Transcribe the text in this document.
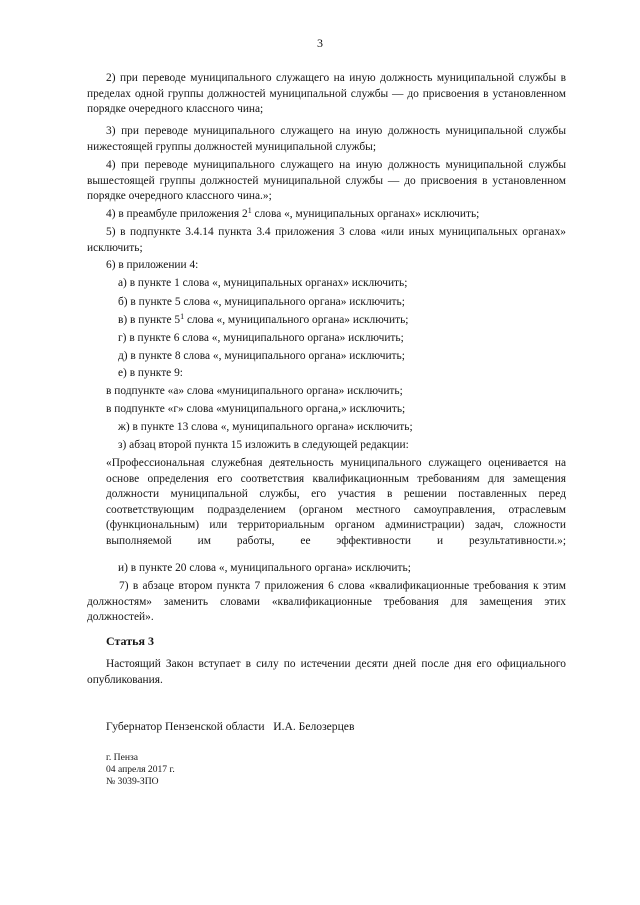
3
2) при переводе муниципального служащего на иную должность муниципальной службы в пределах одной группы должностей муниципальной службы — до присвоения в установленном порядке очередного классного чина;
3) при переводе муниципального служащего на иную должность муниципальной службы нижестоящей группы должностей муниципальной службы;
4) при переводе муниципального служащего на иную должность муниципальной службы вышестоящей группы должностей муниципальной службы — до присвоения в установленном порядке очередного классного чина.»;
4) в преамбуле приложения $2^1$ слова «, муниципальных органах» исключить;
5) в подпункте 3.4.14 пункта 3.4 приложения 3 слова «или иных муниципальных органах» исключить;
6) в приложении 4:
а) в пункте 1 слова «, муниципальных органах» исключить;
б) в пункте 5 слова «, муниципального органа» исключить;
в) в пункте $5^1$ слова «, муниципального органа» исключить;
г) в пункте 6 слова «, муниципального органа» исключить;
д) в пункте 8 слова «, муниципального органа» исключить;
е) в пункте 9:
в подпункте «а» слова «муниципального органа» исключить;
в подпункте «г» слова «муниципального органа,» исключить;
ж) в пункте 13 слова «, муниципального органа» исключить;
з) абзац второй пункта 15 изложить в следующей редакции:
«Профессиональная служебная деятельность муниципального служащего оценивается на основе определения его соответствия квалификационным требованиям для замещения должности муниципальной службы, его участия в решении поставленных перед соответствующим подразделением (органом местного самоуправления, отраслевым (функциональным) или территориальным органом администрации) задач, сложности выполняемой им работы, ее эффективности и результативности.»;
и) в пункте 20 слова «, муниципального органа» исключить;
7) в абзаце втором пункта 7 приложения 6 слова «квалификационные требования к этим должностям» заменить словами «квалификационные требования для замещения этих должностей».
Статья 3
Настоящий Закон вступает в силу по истечении десяти дней после дня его официального опубликования.
Губернатор Пензенской области   И.А. Белозерцев
г. Пенза
04 апреля 2017 г.
№ 3039-ЗПО
